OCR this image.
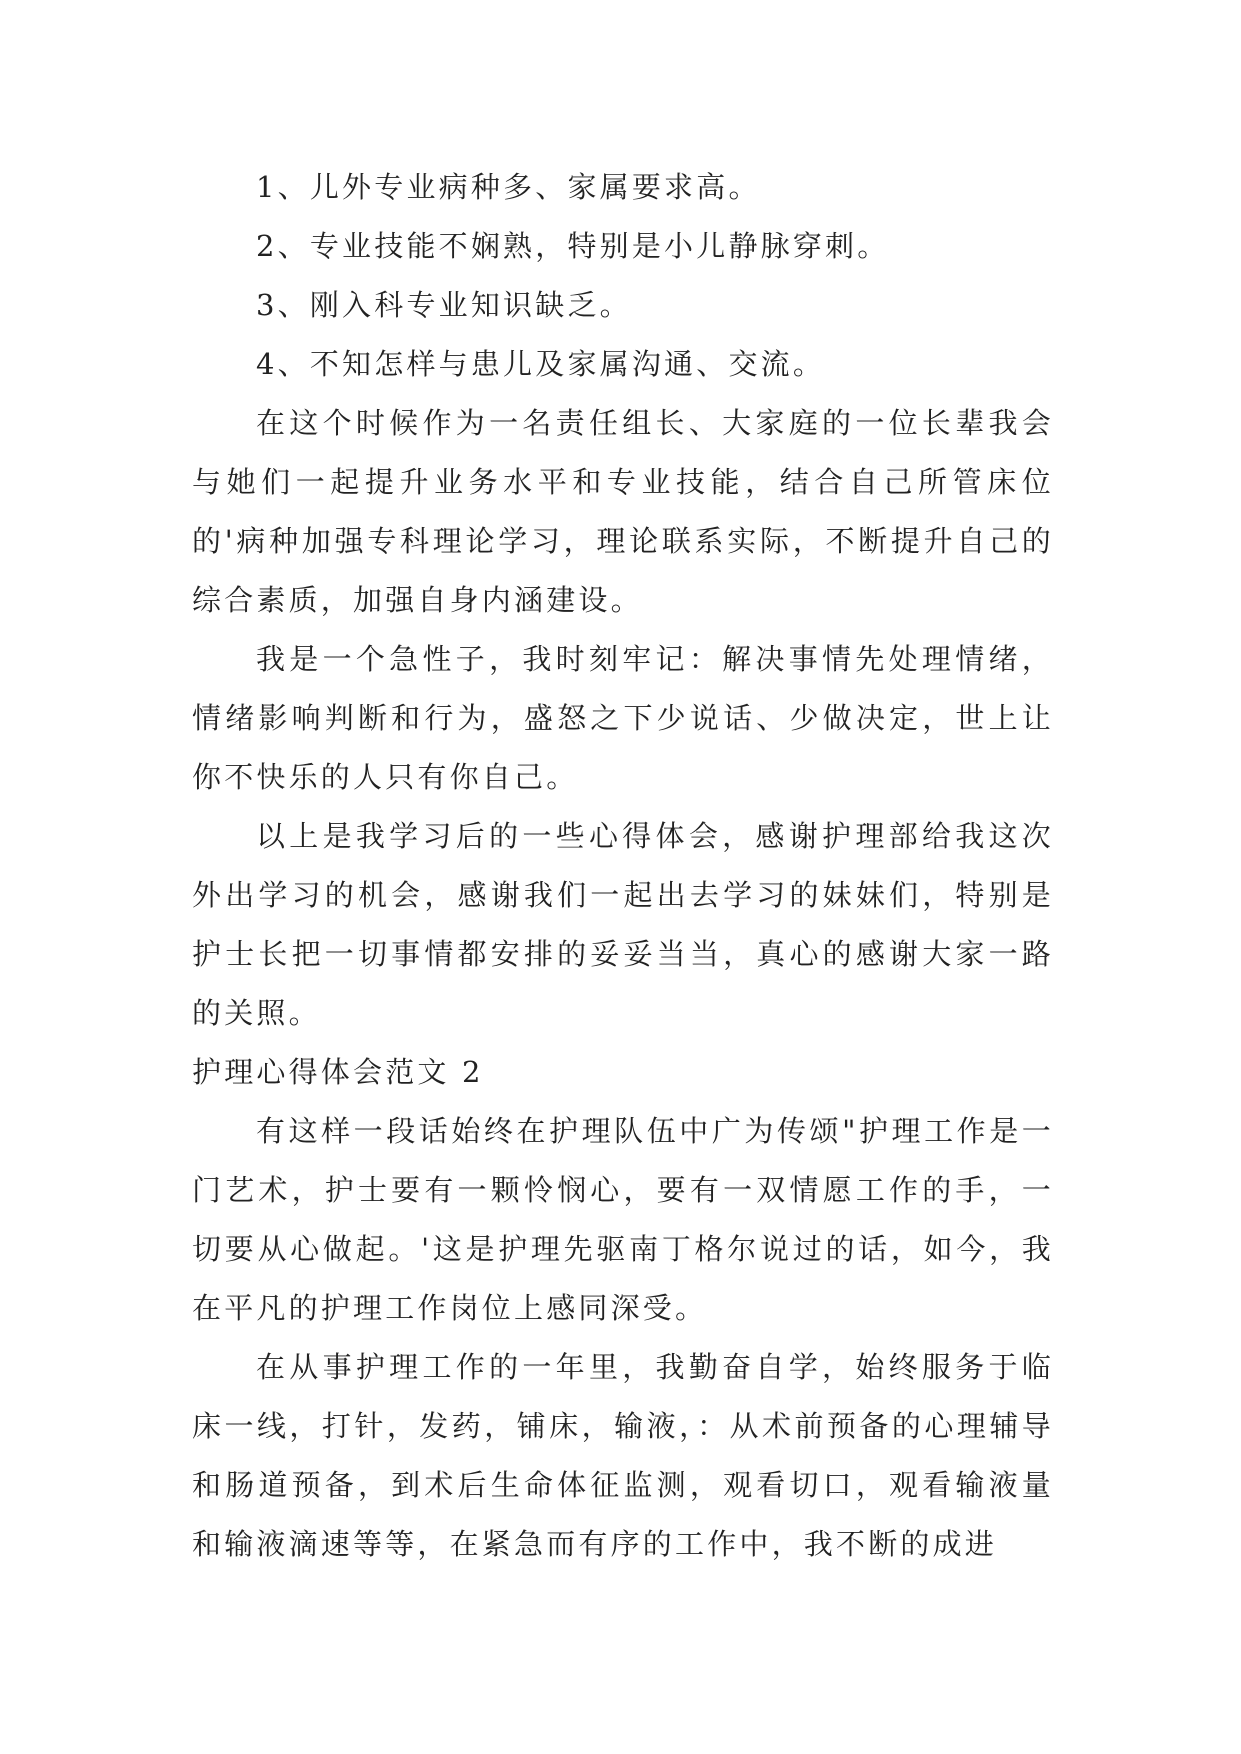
1、儿外专业病种多、家属要求高。

2、专业技能不娴熟，特别是小儿静脉穿刺。

3、刚入科专业知识缺乏。

4、不知怎样与患儿及家属沟通、交流。

在这个时候作为一名责任组长、大家庭的一位长辈我会与她们一起提升业务水平和专业技能，结合自己所管床位的'病种加强专科理论学习，理论联系实际，不断提升自己的综合素质，加强自身内涵建设。

我是一个急性子，我时刻牢记：解决事情先处理情绪，情绪影响判断和行为，盛怒之下少说话、少做决定，世上让你不快乐的人只有你自己。

以上是我学习后的一些心得体会，感谢护理部给我这次外出学习的机会，感谢我们一起出去学习的妹妹们，特别是护士长把一切事情都安排的妥妥当当，真心的感谢大家一路的关照。

护理心得体会范文 2

有这样一段话始终在护理队伍中广为传颂"护理工作是一门艺术，护士要有一颗怜悯心，要有一双情愿工作的手，一切要从心做起。'这是护理先驱南丁格尔说过的话，如今，我在平凡的护理工作岗位上感同深受。

在从事护理工作的一年里，我勤奋自学，始终服务于临床一线，打针，发药，铺床，输液，：从术前预备的心理辅导和肠道预备，到术后生命体征监测，观看切口，观看输液量和输液滴速等等，在紧急而有序的工作中，我不断的成进
